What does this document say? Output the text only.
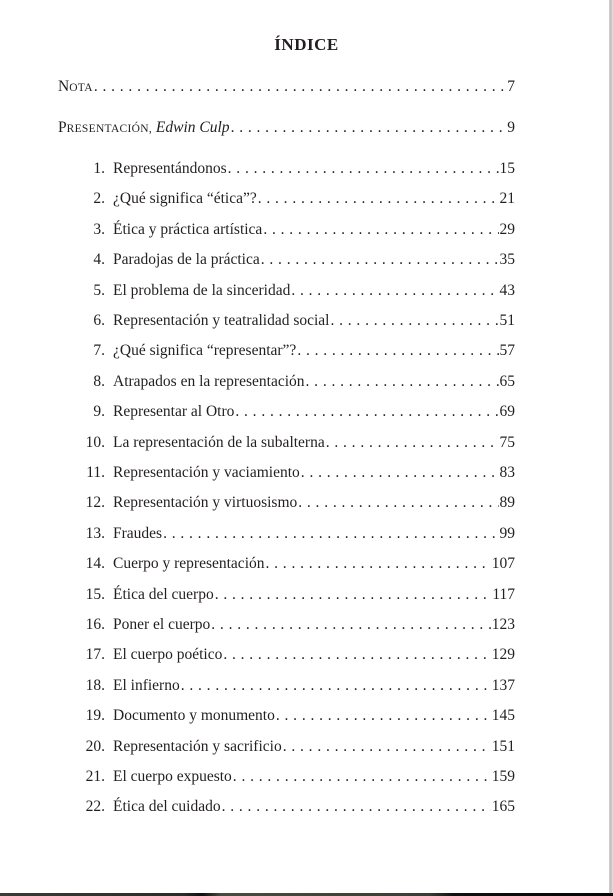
ÍNDICE
NOTA . . .	7
PRESENTACIÓN, Edwin Culp . . .	9
1. Representándonos . . .	15
2. ¿Qué significa “ética”? . . .	21
3. Ética y práctica artística . . .	29
4. Paradojas de la práctica . . .	35
5. El problema de la sinceridad . . .	43
6. Representación y teatralidad social . . .	51
7. ¿Qué significa “representar”? . . .	57
8. Atrapados en la representación . . .	65
9. Representar al Otro . . .	69
10. La representación de la subalterna . . .	75
11. Representación y vaciamiento . . .	83
12. Representación y virtuosismo . . .	89
13. Fraudes . . .	99
14. Cuerpo y representación . . .	107
15. Ética del cuerpo . . .	117
16. Poner el cuerpo . . .	123
17. El cuerpo poético . . .	129
18. El infierno . . .	137
19. Documento y monumento . . .	145
20. Representación y sacrificio . . .	151
21. El cuerpo expuesto . . .	159
22. Ética del cuidado . . .	165
